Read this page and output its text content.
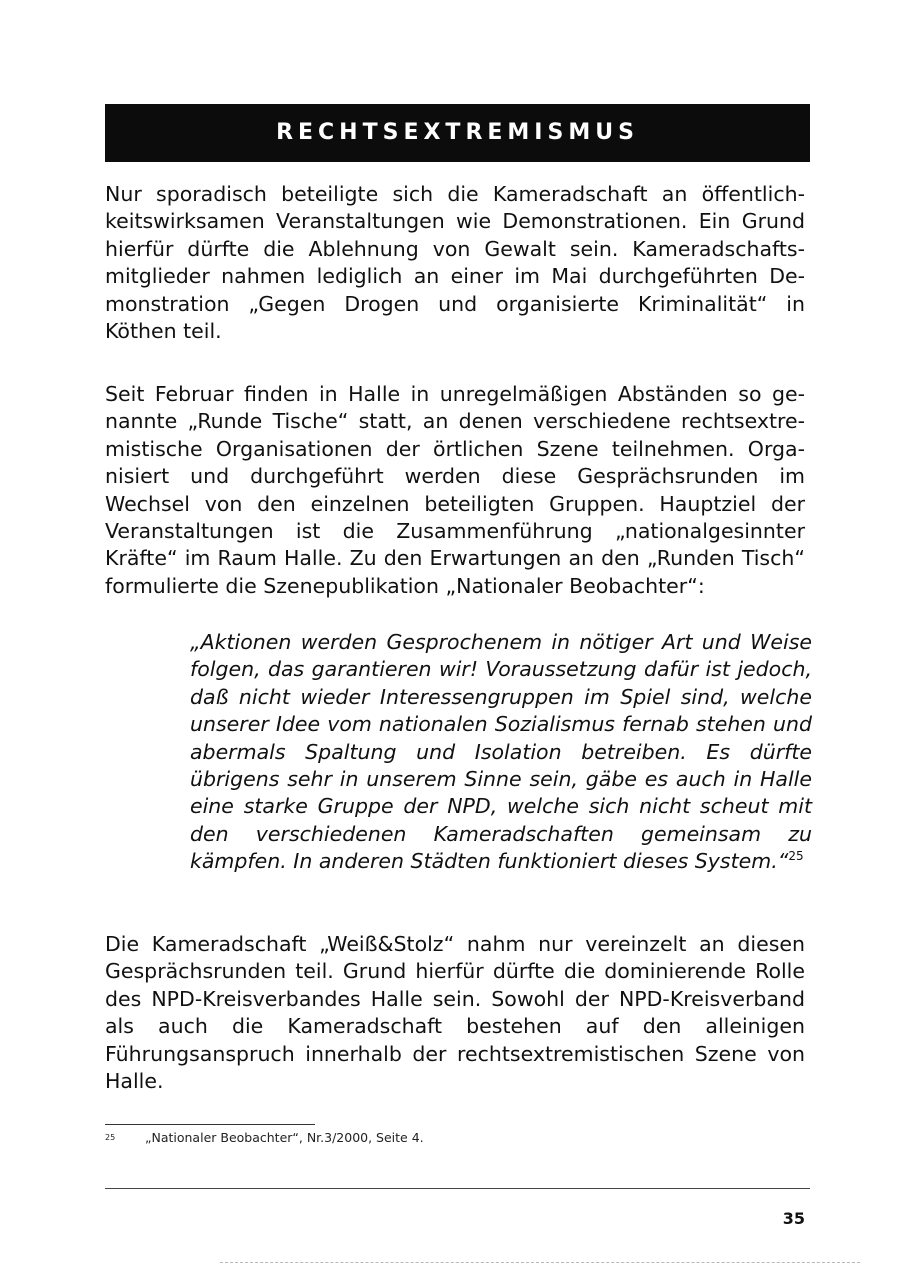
RECHTSEXTREMISMUS

Nur sporadisch beteiligte sich die Kameradschaft an öffentlichkeitswirksamen Veranstaltungen wie Demonstrationen. Ein Grund hierfür dürfte die Ablehnung von Gewalt sein. Kameradschaftsmitglieder nahmen lediglich an einer im Mai durchgeführten Demonstration „Gegen Drogen und organisierte Kriminalität“ in Köthen teil.

Seit Februar finden in Halle in unregelmäßigen Abständen so genannte „Runde Tische“ statt, an denen verschiedene rechtsextremistische Organisationen der örtlichen Szene teilnehmen. Organisiert und durchgeführt werden diese Gesprächsrunden im Wechsel von den einzelnen beteiligten Gruppen. Hauptziel der Veranstaltungen ist die Zusammenführung „nationalgesinnter Kräfte“ im Raum Halle. Zu den Erwartungen an den „Runden Tisch“ formulierte die Szenepublikation „Nationaler Beobachter“:

„Aktionen werden Gesprochenem in nötiger Art und Weise folgen, das garantieren wir! Voraussetzung dafür ist jedoch, daß nicht wieder Interessengruppen im Spiel sind, welche unserer Idee vom nationalen Sozialismus fernab stehen und abermals Spaltung und Isolation betreiben. Es dürfte übrigens sehr in unserem Sinne sein, gäbe es auch in Halle eine starke Gruppe der NPD, welche sich nicht scheut mit den verschiedenen Kameradschaften gemeinsam zu kämpfen. In anderen Städten funktioniert dieses System.“$^{25}$

Die Kameradschaft „Weiß&Stolz“ nahm nur vereinzelt an diesen Gesprächsrunden teil. Grund hierfür dürfte die dominierende Rolle des NPD-Kreisverbandes Halle sein. Sowohl der NPD-Kreisverband als auch die Kameradschaft bestehen auf den alleinigen Führungsanspruch innerhalb der rechtsextremistischen Szene von Halle.

25 „Nationaler Beobachter“, Nr.3/2000, Seite 4.
35
